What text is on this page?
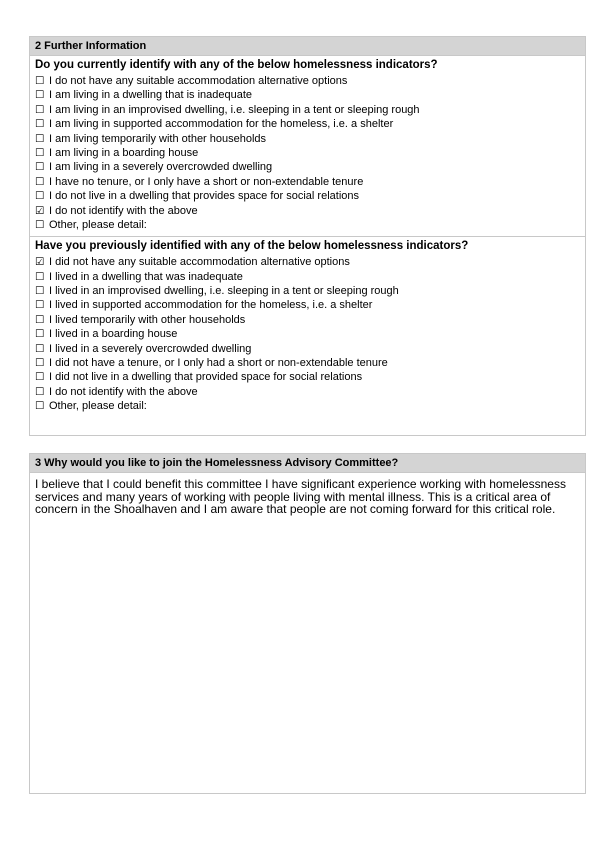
2 Further Information
Do you currently identify with any of the below homelessness indicators?
☐ I do not have any suitable accommodation alternative options
☐ I am living in a dwelling that is inadequate
☐ I am living in an improvised dwelling, i.e. sleeping in a tent or sleeping rough
☐ I am living in supported accommodation for the homeless, i.e. a shelter
☐ I am living temporarily with other households
☐ I am living in a boarding house
☐ I am living in a severely overcrowded dwelling
☐ I have no tenure, or I only have a short or non-extendable tenure
☐ I do not live in a dwelling that provides space for social relations
☑ I do not identify with the above
☐ Other, please detail:
Have you previously identified with any of the below homelessness indicators?
☑ I did not have any suitable accommodation alternative options
☐ I lived in a dwelling that was inadequate
☐ I lived in an improvised dwelling, i.e. sleeping in a tent or sleeping rough
☐ I lived in supported accommodation for the homeless, i.e. a shelter
☐ I lived temporarily with other households
☐ I lived in a boarding house
☐ I lived in a severely overcrowded dwelling
☐ I did not have a tenure, or I only had a short or non-extendable tenure
☐ I did not live in a dwelling that provided space for social relations
☐ I do not identify with the above
☐ Other, please detail:
3 Why would you like to join the Homelessness Advisory Committee?
I believe that I could benefit this committee I have significant experience working with homelessness services and many years of working with people living with mental illness. This is a critical area of concern in the Shoalhaven and I am aware that people are not coming forward for this critical role.
